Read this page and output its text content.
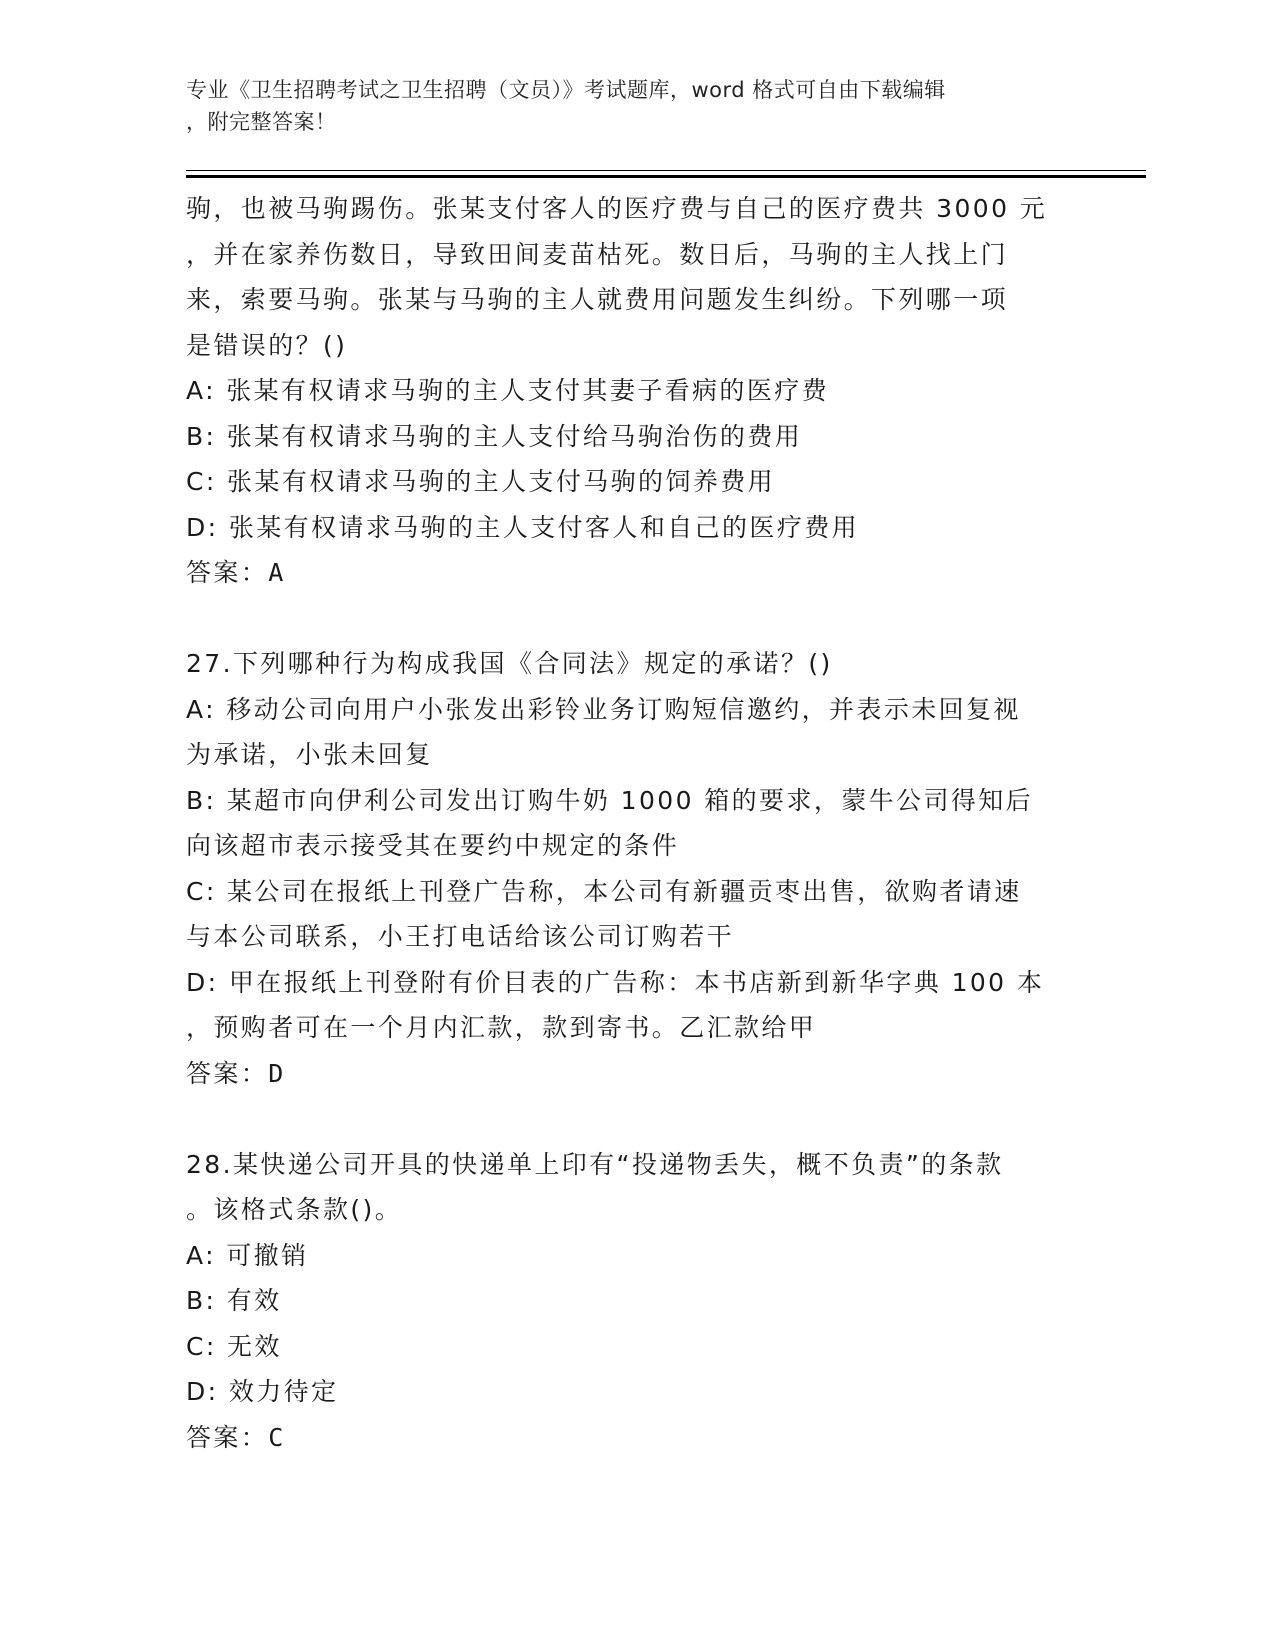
专业《卫生招聘考试之卫生招聘（文员）》考试题库，word 格式可自由下载编辑

，附完整答案！

驹，也被马驹踢伤。张某支付客人的医疗费与自己的医疗费共 3000 元

，并在家养伤数日，导致田间麦苗枯死。数日后，马驹的主人找上门

来，索要马驹。张某与马驹的主人就费用问题发生纠纷。下列哪一项

是错误的？()

A: 张某有权请求马驹的主人支付其妻子看病的医疗费

B: 张某有权请求马驹的主人支付给马驹治伤的费用

C: 张某有权请求马驹的主人支付马驹的饲养费用

D: 张某有权请求马驹的主人支付客人和自己的医疗费用

答案：A

27.下列哪种行为构成我国《合同法》规定的承诺？()

A: 移动公司向用户小张发出彩铃业务订购短信邀约，并表示未回复视

为承诺，小张未回复

B: 某超市向伊利公司发出订购牛奶 1000 箱的要求，蒙牛公司得知后

向该超市表示接受其在要约中规定的条件

C: 某公司在报纸上刊登广告称，本公司有新疆贡枣出售，欲购者请速

与本公司联系，小王打电话给该公司订购若干

D: 甲在报纸上刊登附有价目表的广告称：本书店新到新华字典 100 本

，预购者可在一个月内汇款，款到寄书。乙汇款给甲

答案：D

28.某快递公司开具的快递单上印有“投递物丢失，概不负责”的条款

。该格式条款()。

A: 可撤销

B: 有效

C: 无效

D: 效力待定

答案：C
